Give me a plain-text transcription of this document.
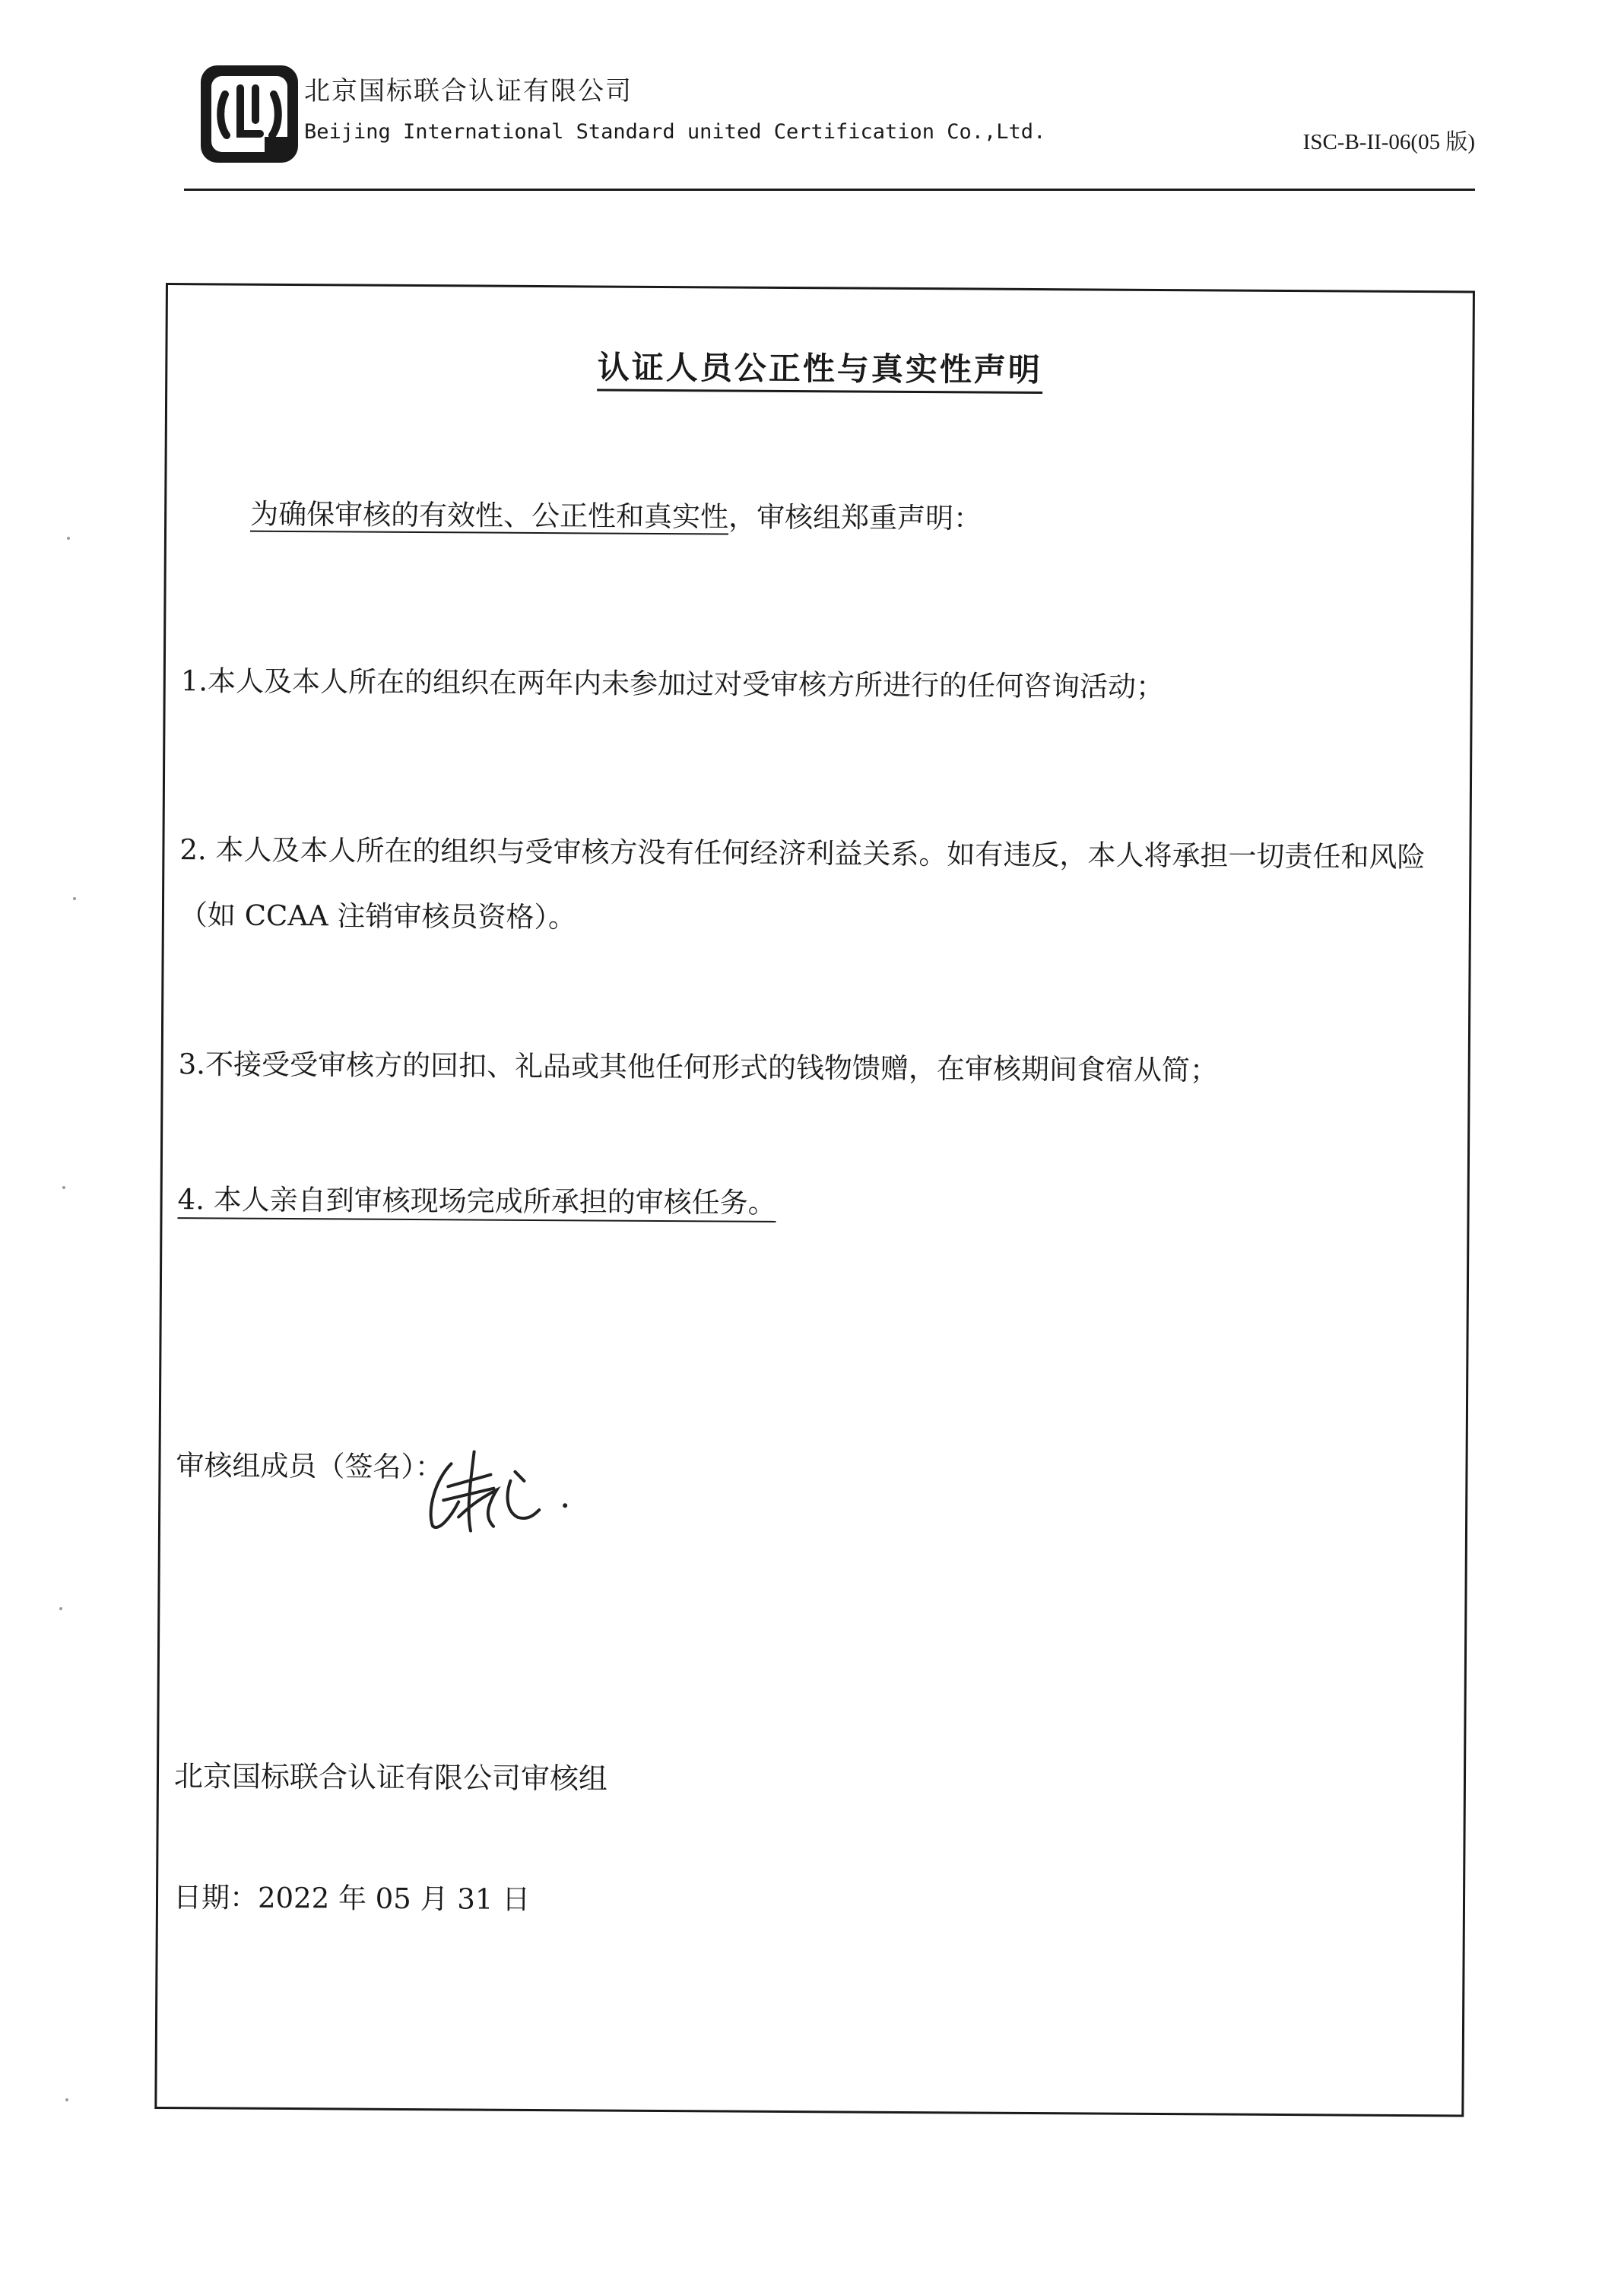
北京国标联合认证有限公司
Beijing International Standard united Certification Co.,Ltd.	ISC-B-II-06(05 版)
认证人员公正性与真实性声明
为确保审核的有效性、公正性和真实性，审核组郑重声明：
1.本人及本人所在的组织在两年内未参加过对受审核方所进行的任何咨询活动；
2. 本人及本人所在的组织与受审核方没有任何经济利益关系。如有违反，本人将承担一切责任和风险（如 CCAA 注销审核员资格）。
3.不接受受审核方的回扣、礼品或其他任何形式的钱物馈赠，在审核期间食宿从简；
4. 本人亲自到审核现场完成所承担的审核任务。
审核组成员（签名）：
北京国标联合认证有限公司审核组
日期：2022 年 05 月 31 日
